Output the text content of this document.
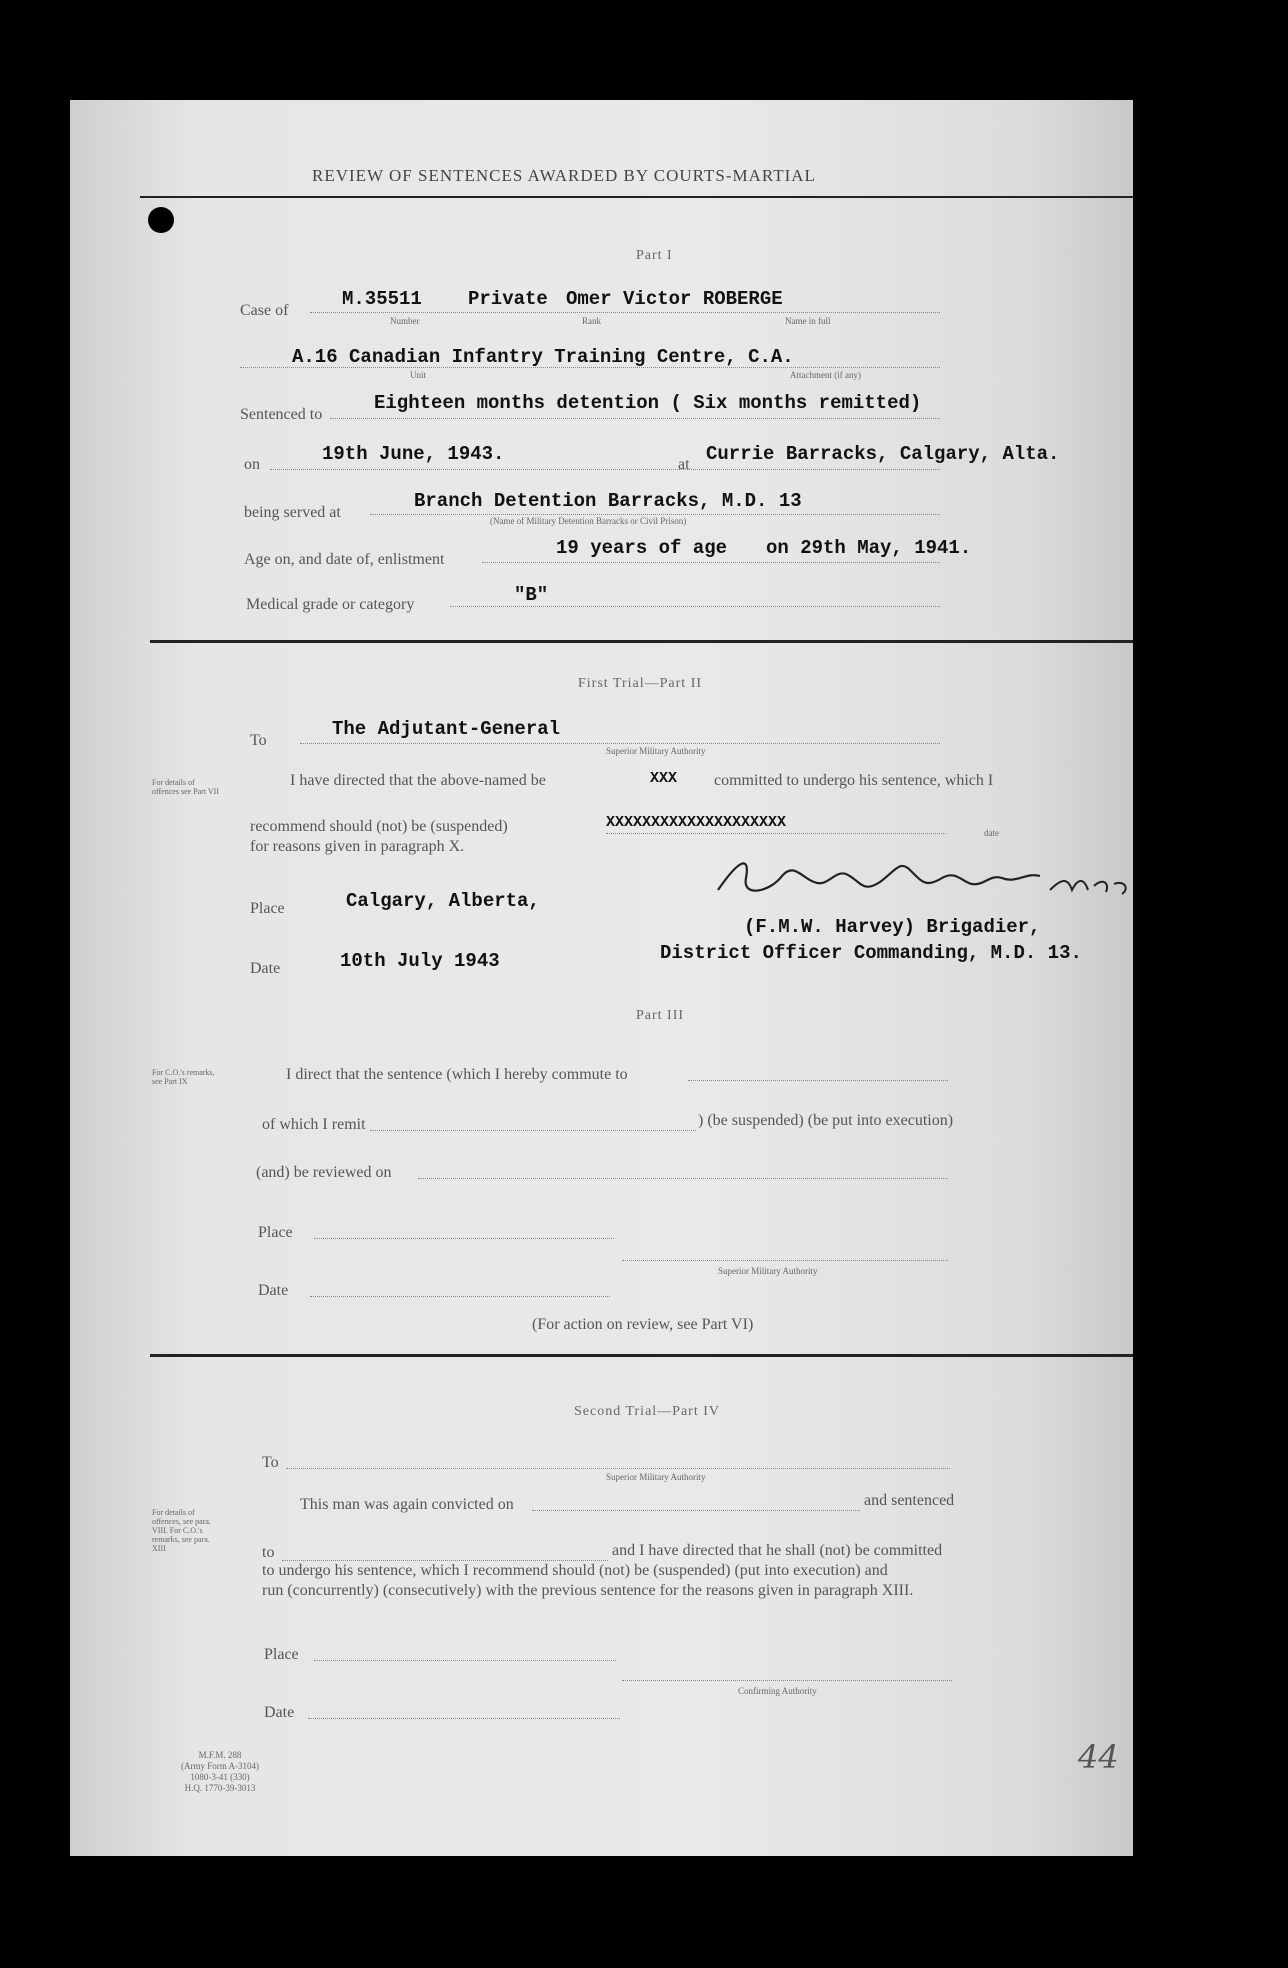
REVIEW OF SENTENCES AWARDED BY COURTS-MARTIAL
Part I
Case of
M.35511 Private Omer Victor ROBERGE
Number	Rank	Name in full
A.16 Canadian Infantry Training Centre, C.A.
Unit	Attachment (if any)
Sentenced to
Eighteen months detention ( Six months remitted)
on	19th June, 1943.	at Currie Barracks, Calgary, Alta.
being served at
Branch Detention Barracks, M.D. 13
(Name of Military Detention Barracks or Civil Prison)
Age on, and date of, enlistment
19 years of age on 29th May, 1941.
Medical grade or category	"B"
First Trial—Part II
For details of offences see Part VII
To
The Adjutant-General
Superior Military Authority
I have directed that the above-named be	XXX committed to undergo his sentence, which I
recommend should (not) be (suspended)	XXXXXXXXXXXXXXXXXXXX
date
for reasons given in paragraph X.
Place	Calgary, Alberta,
Date	10th July 1943
(F.M.W. Harvey) Brigadier,
District Officer Commanding, M.D. 13.
Part III
For C.O.'s remarks, see Part IX	I direct that the sentence (which I hereby commute to
of which I remit	) (be suspended) (be put into execution)
(and) be reviewed on
Place
Superior Military Authority
Date
(For action on review, see Part VI)
Second Trial—Part IV
For details of offences, see para. VIII. For C.O.'s remarks, see para. XIII
To
Superior Military Authority
This man was again convicted on	and sentenced
to	and I have directed that he shall (not) be committed
to undergo his sentence, which I recommend should (not) be (suspended) (put into execution) and
run (concurrently) (consecutively) with the previous sentence for the reasons given in paragraph XIII.
Place
Confirming Authority
Date
M.F.M. 288
(Army Form A-3104)
1080-3-41 (330)
H.Q. 1770-39-3013
44
